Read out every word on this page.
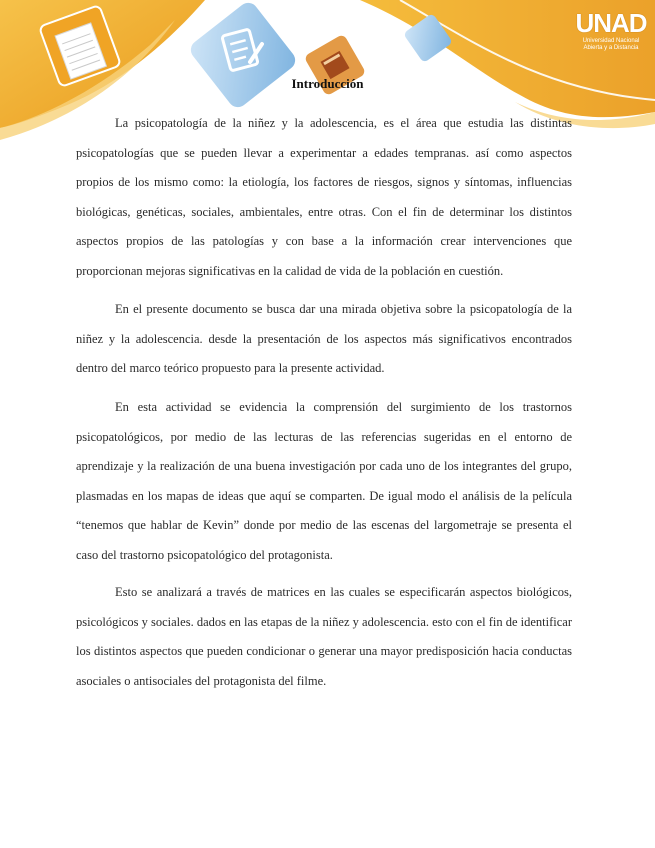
UNAD
Universidad Nacional Abierta y a Distancia
Introducción

La psicopatología de la niñez y la adolescencia, es el área que estudia las distintas psicopatologías que se pueden llevar a experimentar a edades tempranas. así como aspectos propios de los mismo como: la etiología, los factores de riesgos, signos y síntomas, influencias biológicas, genéticas, sociales, ambientales, entre otras. Con el fin de determinar los distintos aspectos propios de las patologías y con base a la información crear intervenciones que proporcionan mejoras significativas en la calidad de vida de la población en cuestión.

En el presente documento se busca dar una mirada objetiva sobre la psicopatología de la niñez y la adolescencia. desde la presentación de los aspectos más significativos encontrados dentro del marco teórico propuesto para la presente actividad.

En esta actividad se evidencia la comprensión del surgimiento de los trastornos psicopatológicos, por medio de las lecturas de las referencias sugeridas en el entorno de aprendizaje y la realización de una buena investigación por cada uno de los integrantes del grupo, plasmadas en los mapas de ideas que aquí se comparten. De igual modo el análisis de la película “tenemos que hablar de Kevin” donde por medio de las escenas del largometraje se presenta el caso del trastorno psicopatológico del protagonista.

Esto se analizará a través de matrices en las cuales se especificarán aspectos biológicos, psicológicos y sociales. dados en las etapas de la niñez y adolescencia. esto con el fin de identificar los distintos aspectos que pueden condicionar o generar una mayor predisposición hacia conductas asociales o antisociales del protagonista del filme.
